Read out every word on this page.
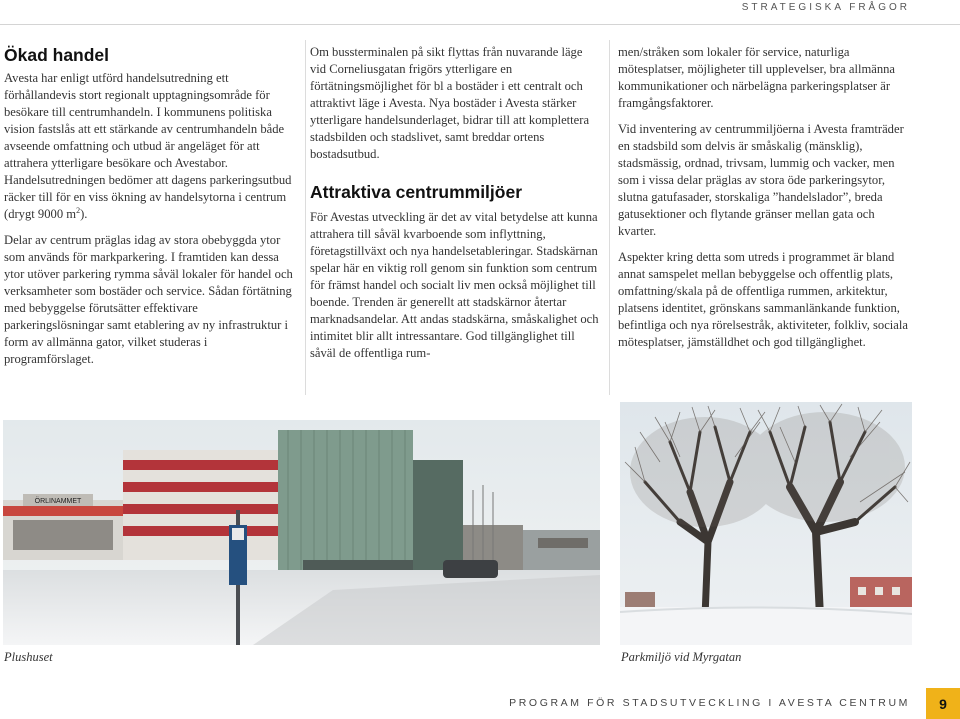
STRATEGISKA FRÅGOR
Ökad handel

Avesta har enligt utförd handelsutredning ett förhållandevis stort regionalt upptagningsområde för besökare till centrumhandeln. I kommunens politiska vision fastslås att ett stärkande av centrumhandeln både avseende omfattning och utbud är angeläget för att attrahera ytterligare besökare och Avestabor. Handelsutredningen bedömer att dagens parkeringsutbud räcker till för en viss ökning av handelsytorna i centrum (drygt 9000 $m^2$).

Delar av centrum präglas idag av stora obebyggda ytor som används för markparkering. I framtiden kan dessa ytor utöver parkering rymma såväl lokaler för handel och verksamheter som bostäder och service. Sådan förtätning med bebyggelse förutsätter effektivare parkeringslösningar samt etablering av ny infrastruktur i form av allmänna gator, vilket studeras i programförslaget.

Om bussterminalen på sikt flyttas från nuvarande läge vid Corneliusgatan frigörs ytterligare en förtätningsmöjlighet för bl a bostäder i ett centralt och attraktivt läge i Avesta. Nya bostäder i Avesta stärker ytterligare handelsunderlaget, bidrar till att komplettera stadsbilden och stadslivet, samt breddar ortens bostadsutbud.

Attraktiva centrummiljöer

För Avestas utveckling är det av vital betydelse att kunna attrahera till såväl kvarboende som inflyttning, företagstillväxt och nya handelsetableringar. Stadskärnan spelar här en viktig roll genom sin funktion som centrum för främst handel och socialt liv men också möjlighet till boende. Trenden är generellt att stadskärnor återtar marknadsandelar. Att andas stadskärna, småskalighet och intimitet blir allt intressantare. God tillgänglighet till såväl de offentliga rum-

men/stråken som lokaler för service, naturliga mötesplatser, möjligheter till upplevelser, bra allmänna kommunikationer och närbelägna parkeringsplatser är framgångsfaktorer.

Vid inventering av centrummiljöerna i Avesta framträder en stadsbild som delvis är småskalig (mänsklig), stadsmässig, ordnad, trivsam, lummig och vacker, men som i vissa delar präglas av stora öde parkeringsytor, slutna gatufasader, storskaliga ”handelslador”, breda gatusektioner och flytande gränser mellan gata och kvarter.

Aspekter kring detta som utreds i programmet är bland annat samspelet mellan bebyggelse och offentlig plats, omfattning/skala på de offentliga rummen, arkitektur, platsens identitet, grönskans sammanlänkande funktion, befintliga och nya rörelsestråk, aktiviteter, folkliv, sociala mötesplatser, jämställdhet och god tillgänglighet.

ÖRLINAMMET
Plushuset	Parkmiljö vid Myrgatan
PROGRAM FÖR STADSUTVECKLING I AVESTA CENTRUM	9
